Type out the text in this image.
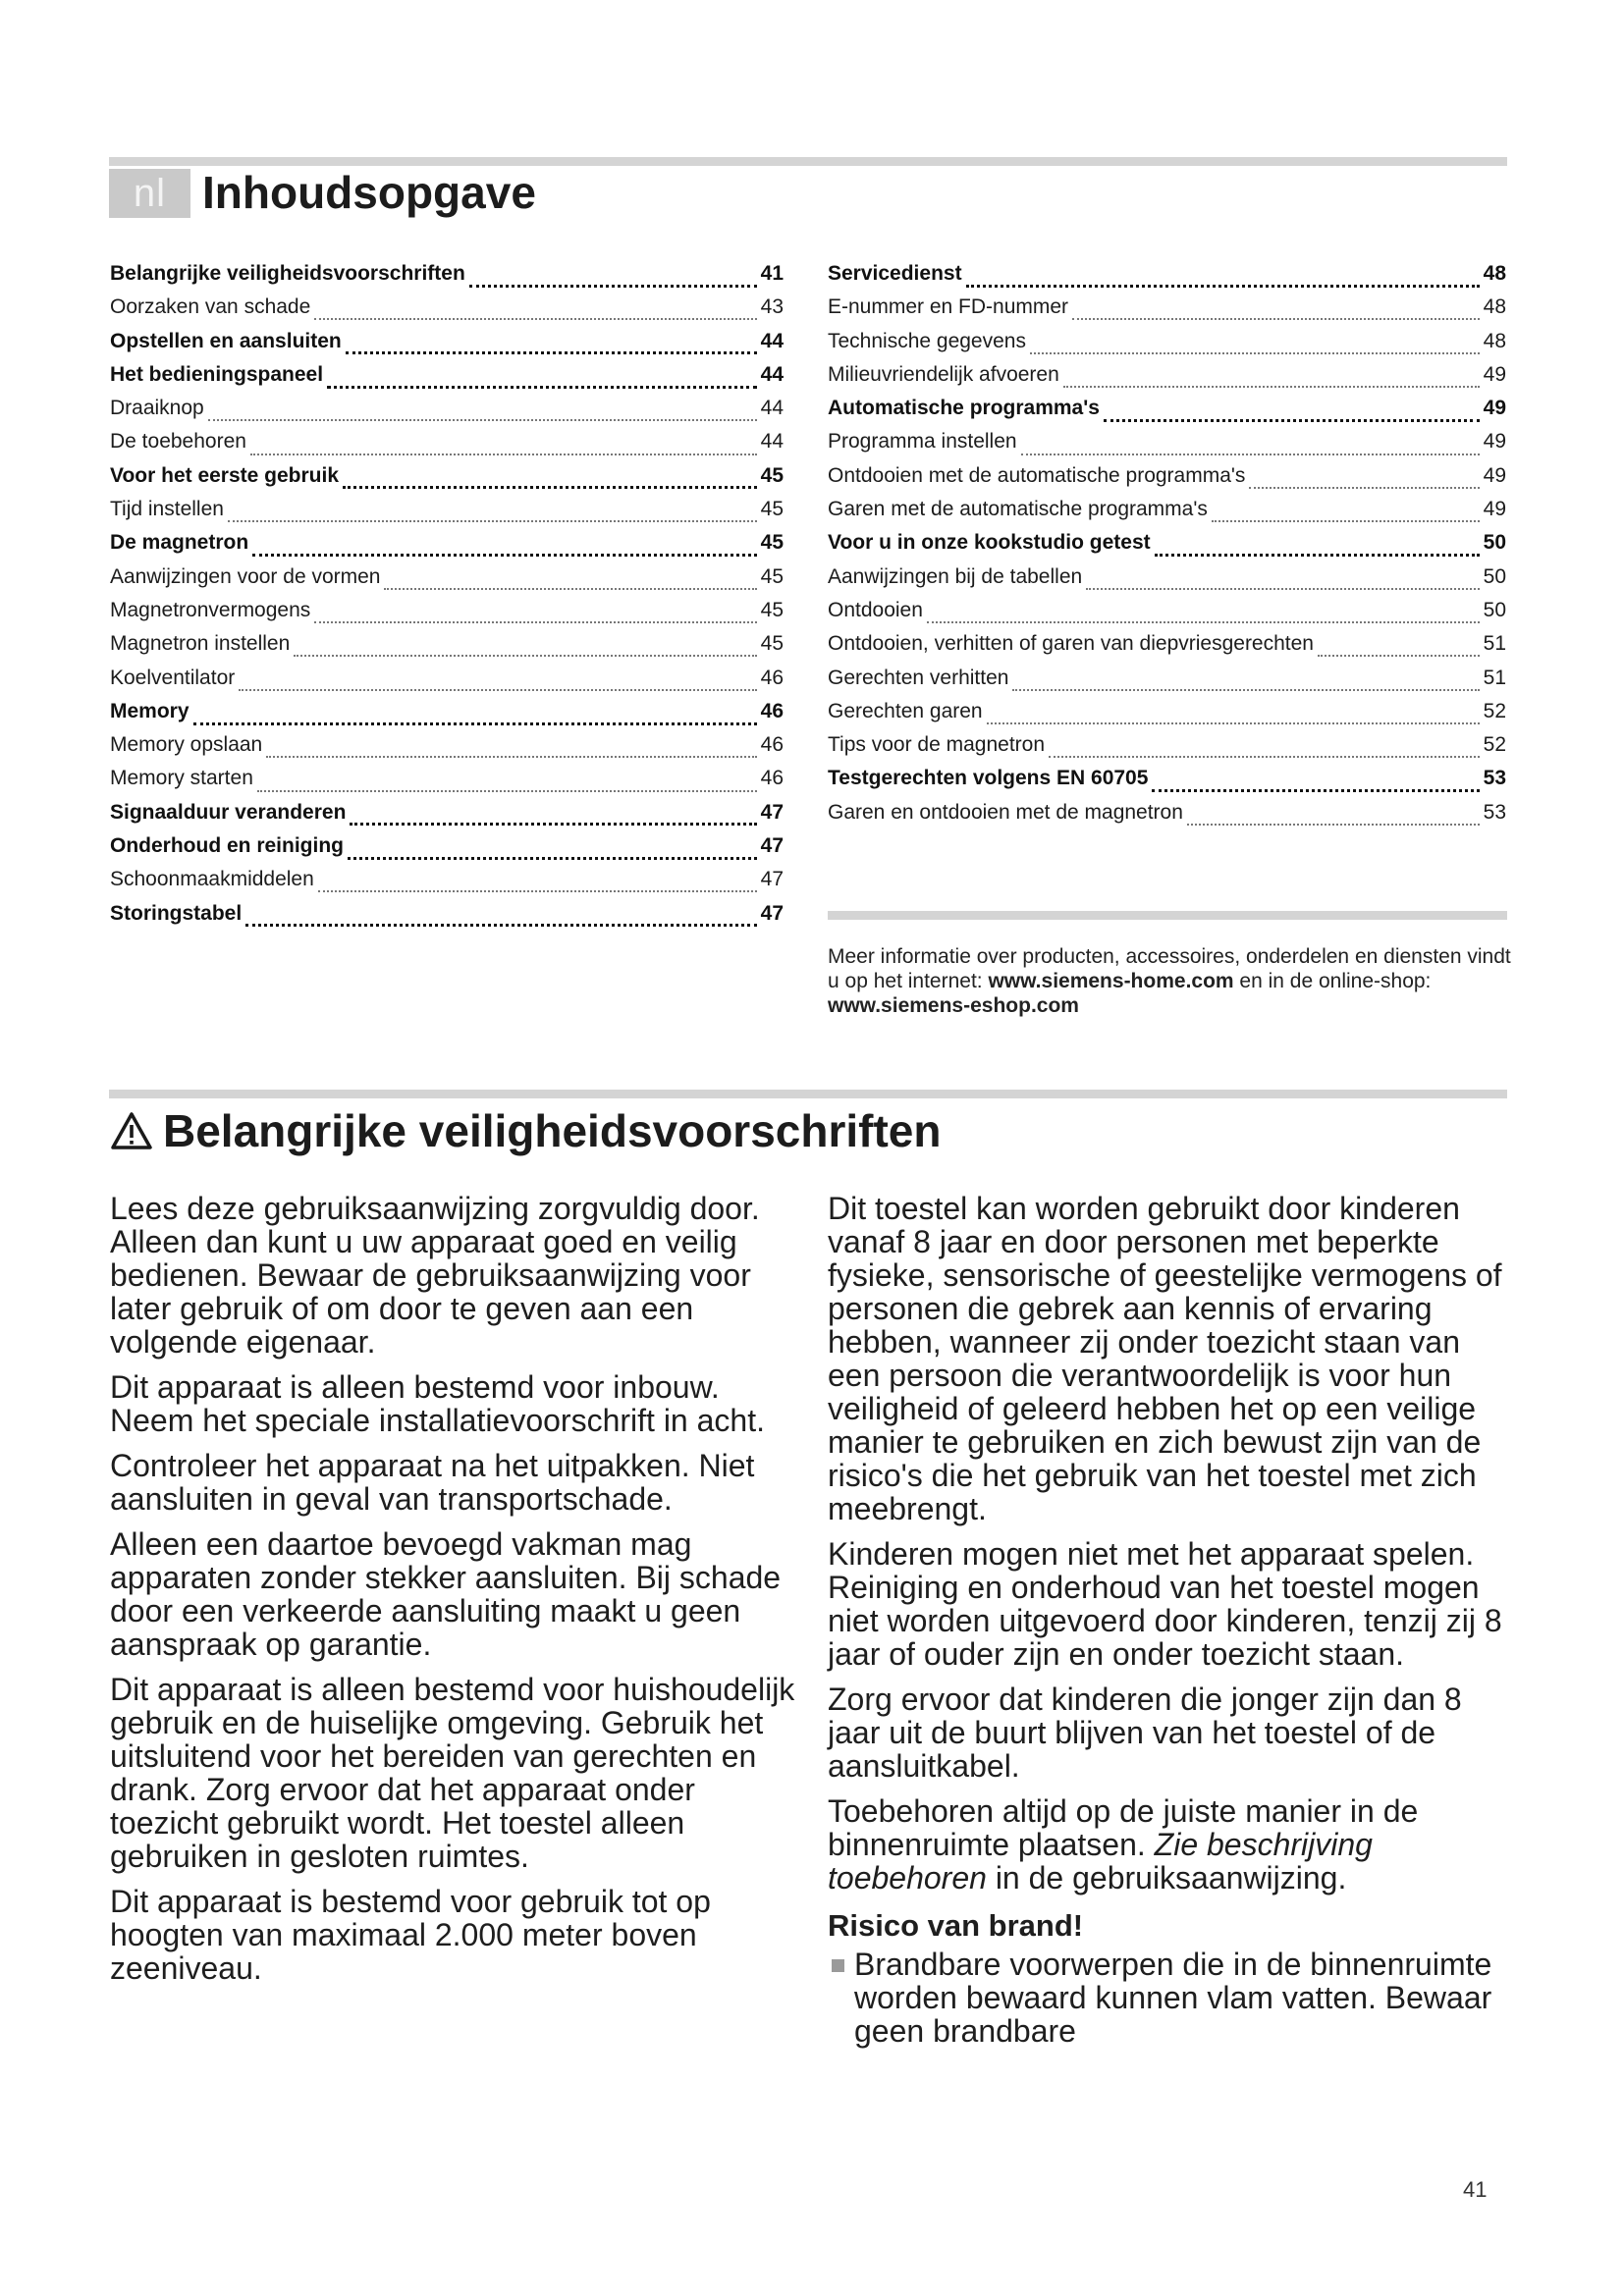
nl Inhoudsopgave
Belangrijke veiligheidsvoorschriften	41
Oorzaken van schade	43
Opstellen en aansluiten	44
Het bedieningspaneel	44
Draaiknop	44
De toebehoren	44
Voor het eerste gebruik	45
Tijd instellen	45
De magnetron	45
Aanwijzingen voor de vormen	45
Magnetronvermogens	45
Magnetron instellen	45
Koelventilator	46
Memory	46
Memory opslaan	46
Memory starten	46
Signaalduur veranderen	47
Onderhoud en reiniging	47
Schoonmaakmiddelen	47
Storingstabel	47
Servicedienst	48
E-nummer en FD-nummer	48
Technische gegevens	48
Milieuvriendelijk afvoeren	49
Automatische programma's	49
Programma instellen	49
Ontdooien met de automatische programma's	49
Garen met de automatische programma's	49
Voor u in onze kookstudio getest	50
Aanwijzingen bij de tabellen	50
Ontdooien	50
Ontdooien, verhitten of garen van diepvriesgerechten	51
Gerechten verhitten	51
Gerechten garen	52
Tips voor de magnetron	52
Testgerechten volgens EN 60705	53
Garen en ontdooien met de magnetron	53
Meer informatie over producten, accessoires, onderdelen en diensten vindt u op het internet: www.siemens-home.com en in de online-shop: www.siemens-eshop.com
Belangrijke veiligheidsvoorschriften

Lees deze gebruiksaanwijzing zorgvuldig door. Alleen dan kunt u uw apparaat goed en veilig bedienen. Bewaar de gebruiksaanwijzing voor later gebruik of om door te geven aan een volgende eigenaar.

Dit apparaat is alleen bestemd voor inbouw. Neem het speciale installatievoorschrift in acht.

Controleer het apparaat na het uitpakken. Niet aansluiten in geval van transportschade.

Alleen een daartoe bevoegd vakman mag apparaten zonder stekker aansluiten. Bij schade door een verkeerde aansluiting maakt u geen aanspraak op garantie.

Dit apparaat is alleen bestemd voor huishoudelijk gebruik en de huiselijke omgeving. Gebruik het uitsluitend voor het bereiden van gerechten en drank. Zorg ervoor dat het apparaat onder toezicht gebruikt wordt. Het toestel alleen gebruiken in gesloten ruimtes.

Dit apparaat is bestemd voor gebruik tot op hoogten van maximaal 2.000 meter boven zeeniveau.

Dit toestel kan worden gebruikt door kinderen vanaf 8 jaar en door personen met beperkte fysieke, sensorische of geestelijke vermogens of personen die gebrek aan kennis of ervaring hebben, wanneer zij onder toezicht staan van een persoon die verantwoordelijk is voor hun veiligheid of geleerd hebben het op een veilige manier te gebruiken en zich bewust zijn van de risico's die het gebruik van het toestel met zich meebrengt.

Kinderen mogen niet met het apparaat spelen. Reiniging en onderhoud van het toestel mogen niet worden uitgevoerd door kinderen, tenzij zij 8 jaar of ouder zijn en onder toezicht staan.

Zorg ervoor dat kinderen die jonger zijn dan 8 jaar uit de buurt blijven van het toestel of de aansluitkabel.

Toebehoren altijd op de juiste manier in de binnenruimte plaatsen. Zie beschrijving toebehoren in de gebruiksaanwijzing.

Risico van brand!
Brandbare voorwerpen die in de binnenruimte worden bewaard kunnen vlam vatten. Bewaar geen brandbare
41
